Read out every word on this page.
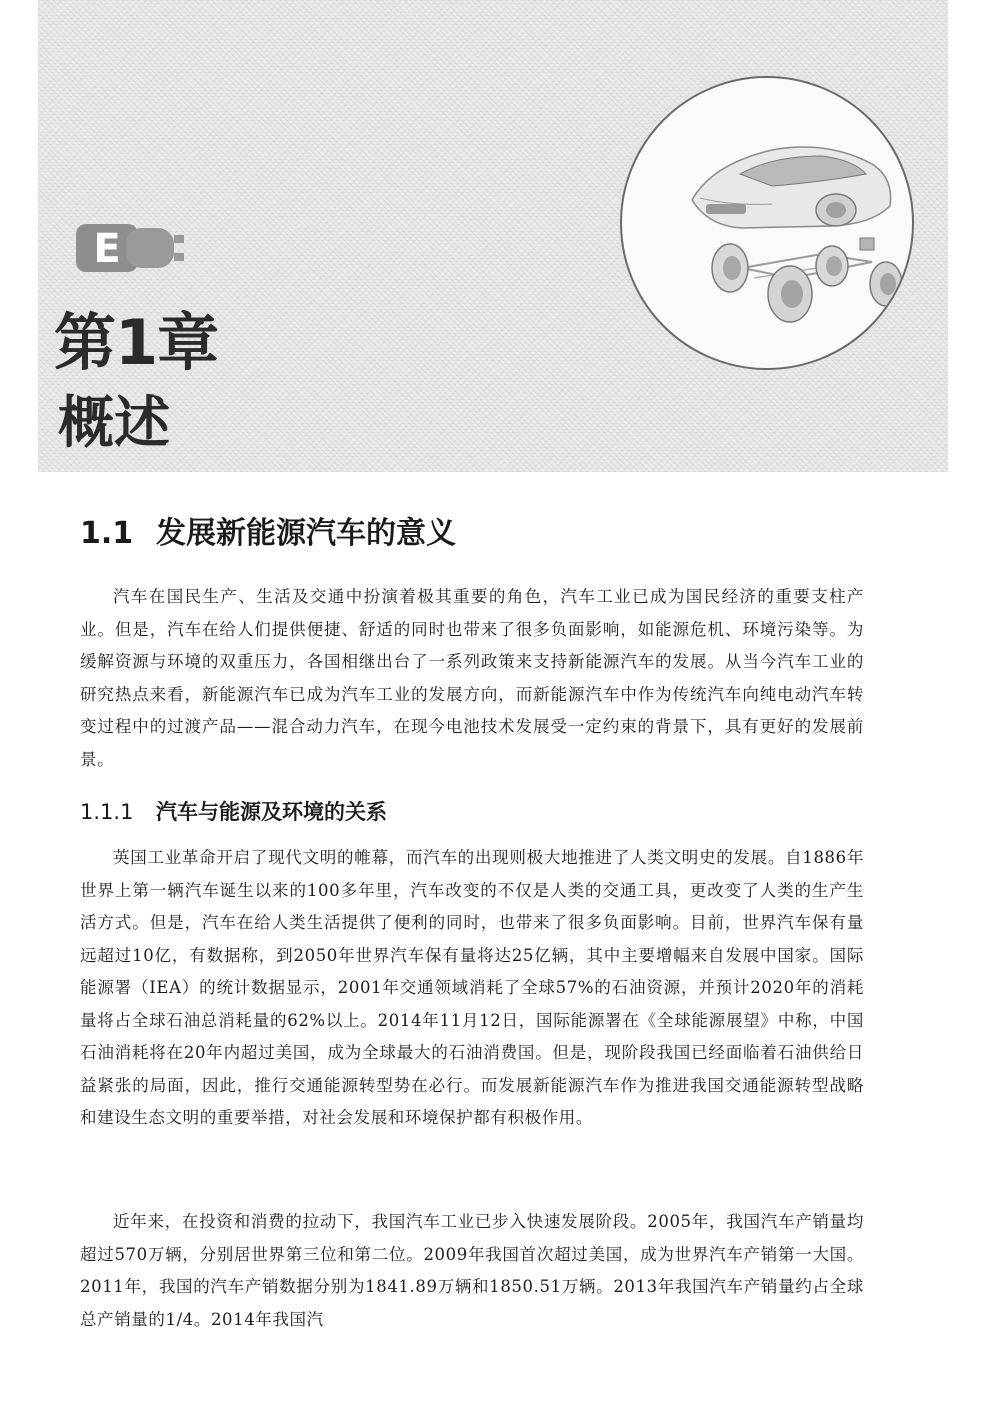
E
第1章
概述
1.1 发展新能源汽车的意义

汽车在国民生产、生活及交通中扮演着极其重要的角色，汽车工业已成为国民经济的重要支柱产业。但是，汽车在给人们提供便捷、舒适的同时也带来了很多负面影响，如能源危机、环境污染等。为缓解资源与环境的双重压力，各国相继出台了一系列政策来支持新能源汽车的发展。从当今汽车工业的研究热点来看，新能源汽车已成为汽车工业的发展方向，而新能源汽车中作为传统汽车向纯电动汽车转变过程中的过渡产品——混合动力汽车，在现今电池技术发展受一定约束的背景下，具有更好的发展前景。

1.1.1 汽车与能源及环境的关系

英国工业革命开启了现代文明的帷幕，而汽车的出现则极大地推进了人类文明史的发展。自1886年世界上第一辆汽车诞生以来的100多年里，汽车改变的不仅是人类的交通工具，更改变了人类的生产生活方式。但是，汽车在给人类生活提供了便利的同时，也带来了很多负面影响。目前，世界汽车保有量远超过10亿，有数据称，到2050年世界汽车保有量将达25亿辆，其中主要增幅来自发展中国家。国际能源署（IEA）的统计数据显示，2001年交通领域消耗了全球57%的石油资源，并预计2020年的消耗量将占全球石油总消耗量的62%以上。2014年11月12日，国际能源署在《全球能源展望》中称，中国石油消耗将在20年内超过美国，成为全球最大的石油消费国。但是，现阶段我国已经面临着石油供给日益紧张的局面，因此，推行交通能源转型势在必行。而发展新能源汽车作为推进我国交通能源转型战略和建设生态文明的重要举措，对社会发展和环境保护都有积极作用。

近年来，在投资和消费的拉动下，我国汽车工业已步入快速发展阶段。2005年，我国汽车产销量均超过570万辆，分别居世界第三位和第二位。2009年我国首次超过美国，成为世界汽车产销第一大国。2011年，我国的汽车产销数据分别为1841.89万辆和1850.51万辆。2013年我国汽车产销量约占全球总产销量的1/4。2014年我国汽
